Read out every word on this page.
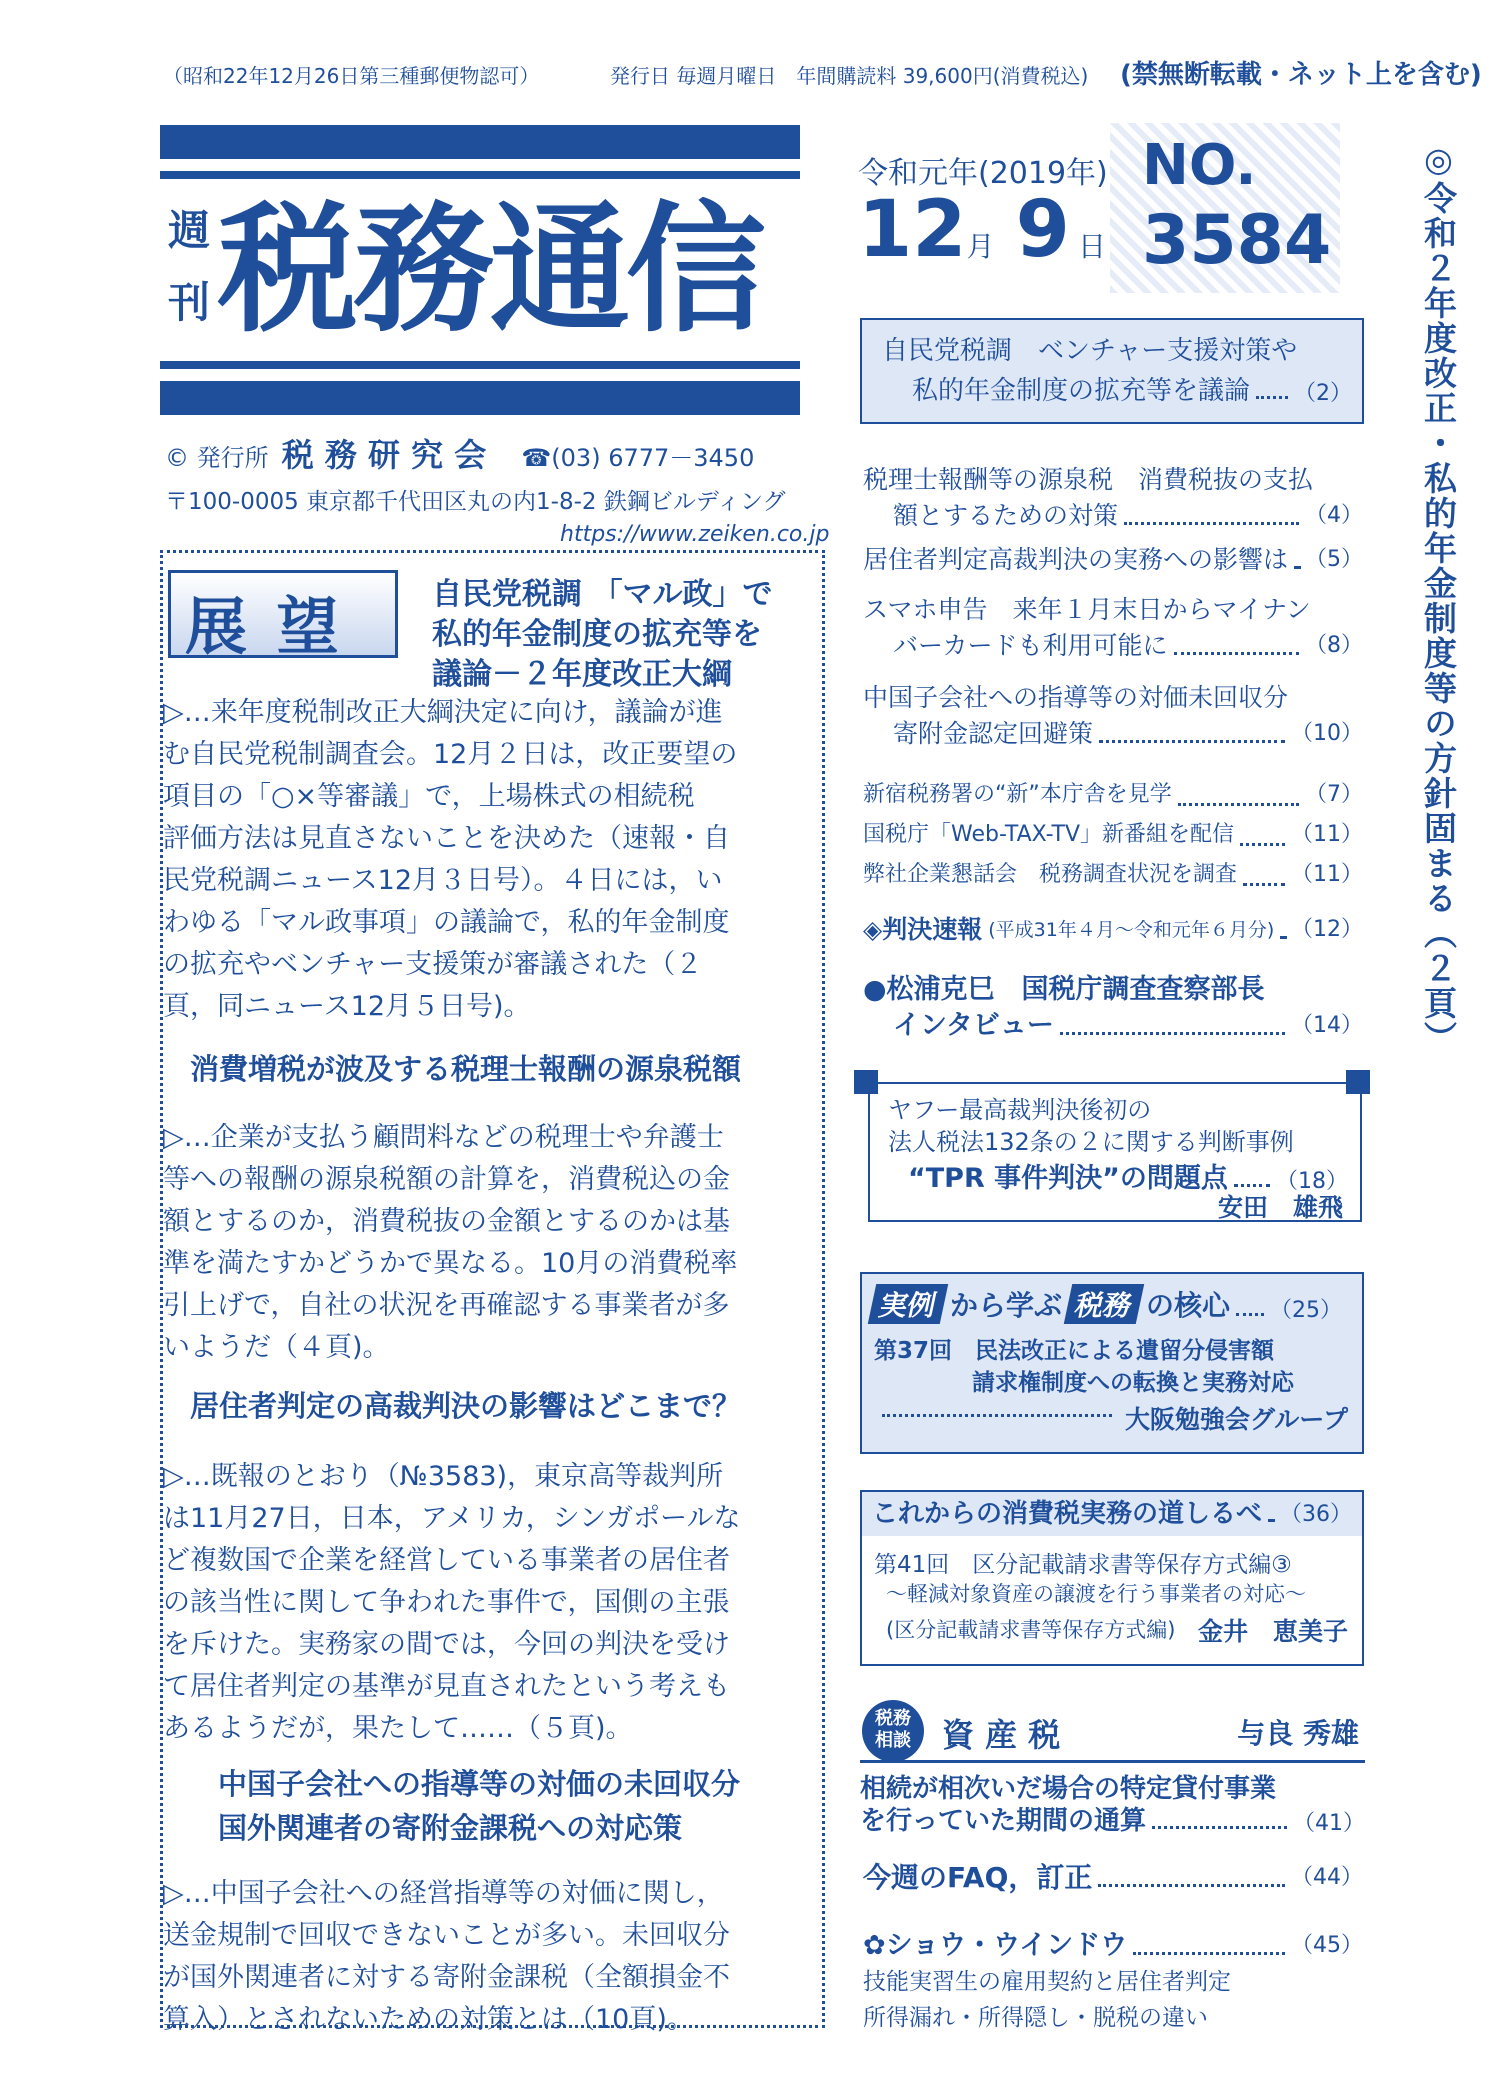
（昭和22年12月26日第三種郵便物認可）	発行日 毎週月曜日　年間購読料 39,600円(消費税込) (禁無断転載・ネット上を含む)
週刊 税務通信
令和元年(2019年)
12月 9 日
NO.
3584
© 発行所 税 務 研 究 会 ☎(03) 6777－3450
〒100-0005 東京都千代田区丸の内1-8-2 鉄鋼ビルディング
https://www.zeiken.co.jp	◎令和２年度改正・私的年金制度等の方針固まる（２頁）
自民党税調　ベンチャー支援対策や
私的年金制度の拡充等を議論 （2）
税理士報酬等の源泉税　消費税抜の支払
額とするための対策	（4）
居住者判定高裁判決の実務への影響は （5）
スマホ申告　来年１月末日からマイナン
バーカードも利用可能に	（8）
中国子会社への指導等の対価未回収分
寄附金認定回避策	（10）
新宿税務署の“新”本庁舎を見学	（7）
国税庁「Web-TAX-TV」新番組を配信	（11）
弊社企業懇話会　税務調査状況を調査 （11）
◈判決速報 (平成31年４月～令和元年６月分) （12）
●松浦克巳　国税庁調査査察部長
インタビュー	（14）
ヤフー最高裁判決後初の
法人税法132条の２に関する判断事例
“TPR 事件判決”の問題点 （18）
安田　雄飛
実例 から学ぶ 税務 の核心 （25）
第37回　民法改正による遺留分侵害額
請求権制度への転換と実務対応
大阪勉強会グループ
これからの消費税実務の道しるべ （36）
第41回　区分記載請求書等保存方式編③
～軽減対象資産の譲渡を行う事業者の対応～
(区分記載請求書等保存方式編) 金井　恵美子
税務
相談 資 産 税	与良 秀雄
相続が相次いだ場合の特定貸付事業
を行っていた期間の通算	（41）
今週のFAQ，訂正	（44）
✿ショウ・ウインドウ	（45）
技能実習生の雇用契約と居住者判定
所得漏れ・所得隠し・脱税の違い
展 望	自民党税調 「マル政」で
私的年金制度の拡充等を
議論－２年度改正大綱
▷…来年度税制改正大綱決定に向け，議論が進
む自民党税制調査会。12月２日は，改正要望の
項目の「○×等審議」で，上場株式の相続税
評価方法は見直さないことを決めた（速報・自
民党税調ニュース12月３日号）。４日には，い
わゆる「マル政事項」の議論で，私的年金制度
の拡充やベンチャー支援策が審議された（２
頁，同ニュース12月５日号)。
消費増税が波及する税理士報酬の源泉税額
▷…企業が支払う顧問料などの税理士や弁護士
等への報酬の源泉税額の計算を，消費税込の金
額とするのか，消費税抜の金額とするのかは基
準を満たすかどうかで異なる。10月の消費税率
引上げで，自社の状況を再確認する事業者が多
いようだ（４頁)。
居住者判定の高裁判決の影響はどこまで？
▷…既報のとおり（№3583)，東京高等裁判所
は11月27日，日本，アメリカ，シンガポールな
ど複数国で企業を経営している事業者の居住者
の該当性に関して争われた事件で，国側の主張
を斥けた。実務家の間では，今回の判決を受け
て居住者判定の基準が見直されたという考えも
あるようだが，果たして……（５頁)。
中国子会社への指導等の対価の未回収分
国外関連者の寄附金課税への対応策
▷…中国子会社への経営指導等の対価に関し，
送金規制で回収できないことが多い。未回収分
が国外関連者に対する寄附金課税（全額損金不
算入）とされないための対策とは（10頁)。
